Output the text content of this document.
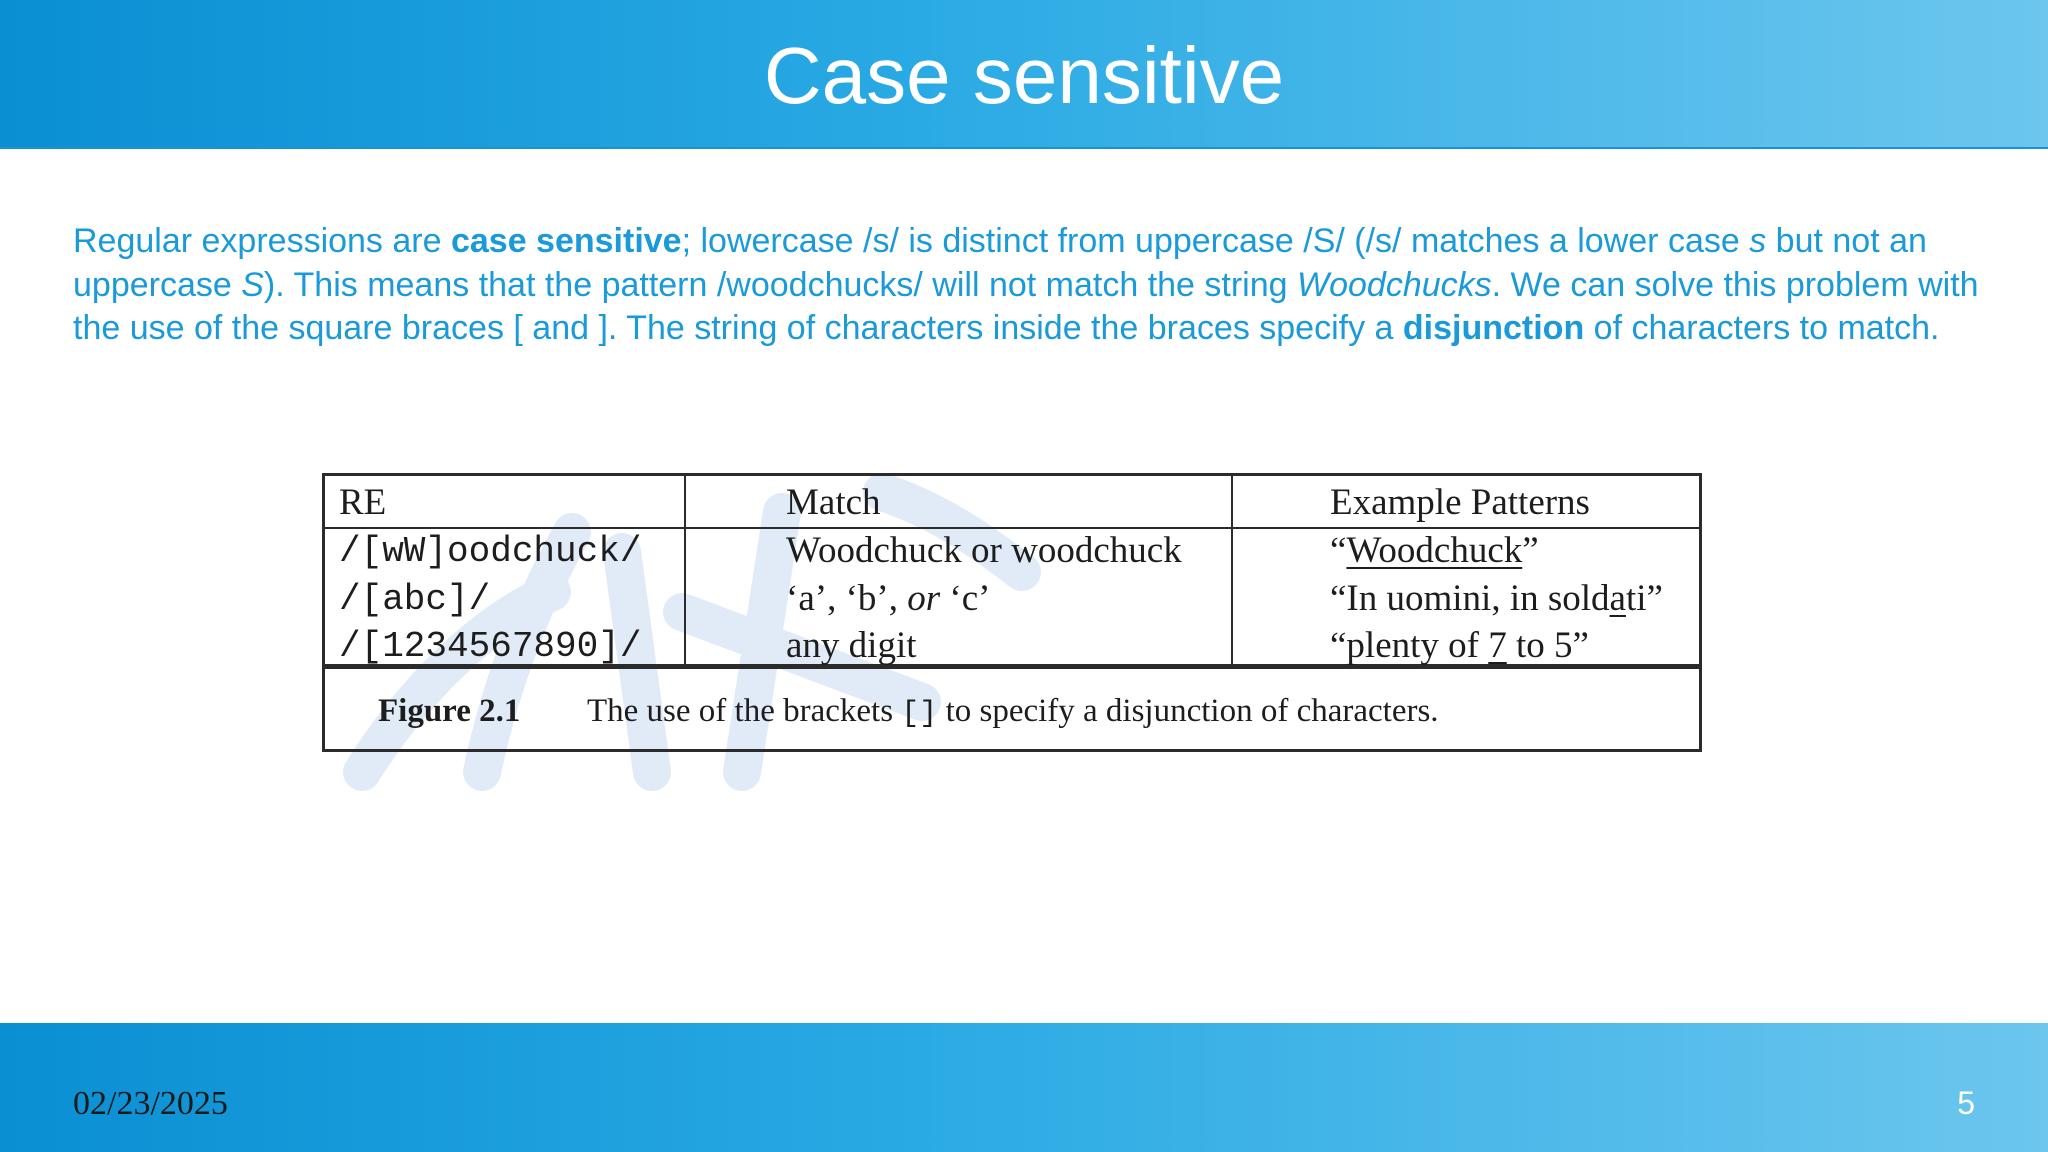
Case sensitive
Regular expressions are case sensitive; lowercase /s/ is distinct from uppercase /S/ (/s/ matches a lower case s but not an uppercase S). This means that the pattern /woodchucks/ will not match the string Woodchucks. We can solve this problem with the use of the square braces [ and ]. The string of characters inside the braces specify a disjunction of characters to match.
RE	Match	Example Patterns
/[wW]oodchuck/	Woodchuck or woodchuck	“Woodchuck”
/[abc]/	‘a’, ‘b’, or ‘c’	“In uomini, in soldati”
/[1234567890]/	any digit	“plenty of 7 to 5”
Figure 2.1 The use of the brackets [] to specify a disjunction of characters.
02/23/2025	5
